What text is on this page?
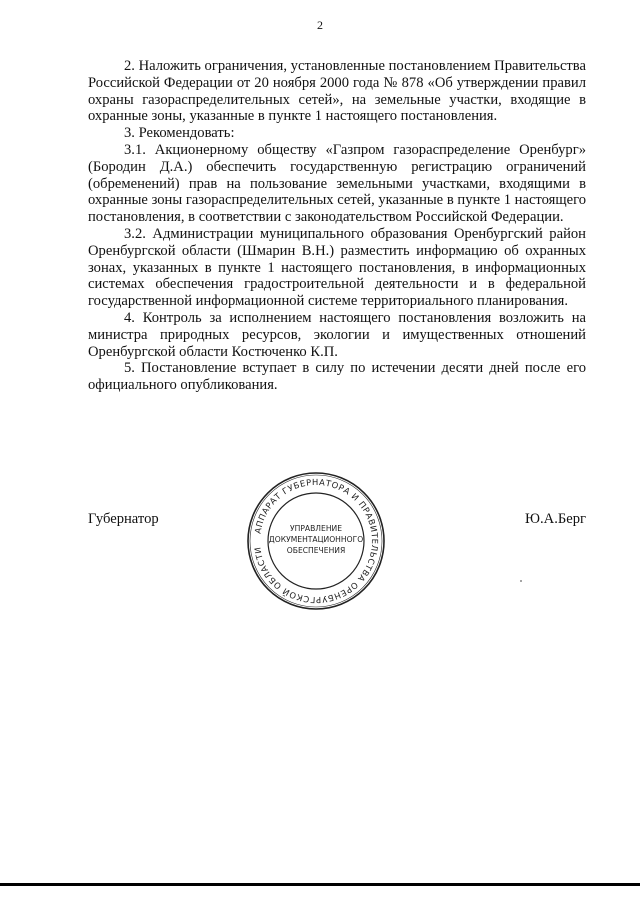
2

2. Наложить ограничения, установленные постановлением Правительства Российской Федерации от 20 ноября 2000 года № 878 «Об утверждении правил охраны газораспределительных сетей», на земельные участки, входящие в охранные зоны, указанные в пункте 1 настоящего постановления.

3. Рекомендовать:

3.1. Акционерному обществу «Газпром газораспределение Оренбург» (Бородин Д.А.) обеспечить государственную регистрацию ограничений (обременений) прав на пользование земельными участками, входящими в охранные зоны газораспределительных сетей, указанные в пункте 1 настоящего постановления, в соответствии с законодательством Российской Федерации.

3.2. Администрации муниципального образования Оренбургский район Оренбургской области (Шмарин В.Н.) разместить информацию об охранных зонах, указанных в пункте 1 настоящего постановления, в информационных системах обеспечения градостроительной деятельности и в федеральной государственной информационной системе территориального планирования.

4. Контроль за исполнением настоящего постановления возложить на министра природных ресурсов, экологии и имущественных отношений Оренбургской области Костюченко К.П.

5. Постановление вступает в силу по истечении десяти дней после его официального опубликования.

Губернатор	Ю.А.Берг
АППАРАТ ГУБЕРНАТОРА И ПРАВИТЕЛЬСТВА ОРЕНБУРГСКОЙ ОБЛАСТИ
УПРАВЛЕНИЕ
ДОКУМЕНТАЦИОННОГО
ОБЕСПЕЧЕНИЯ
